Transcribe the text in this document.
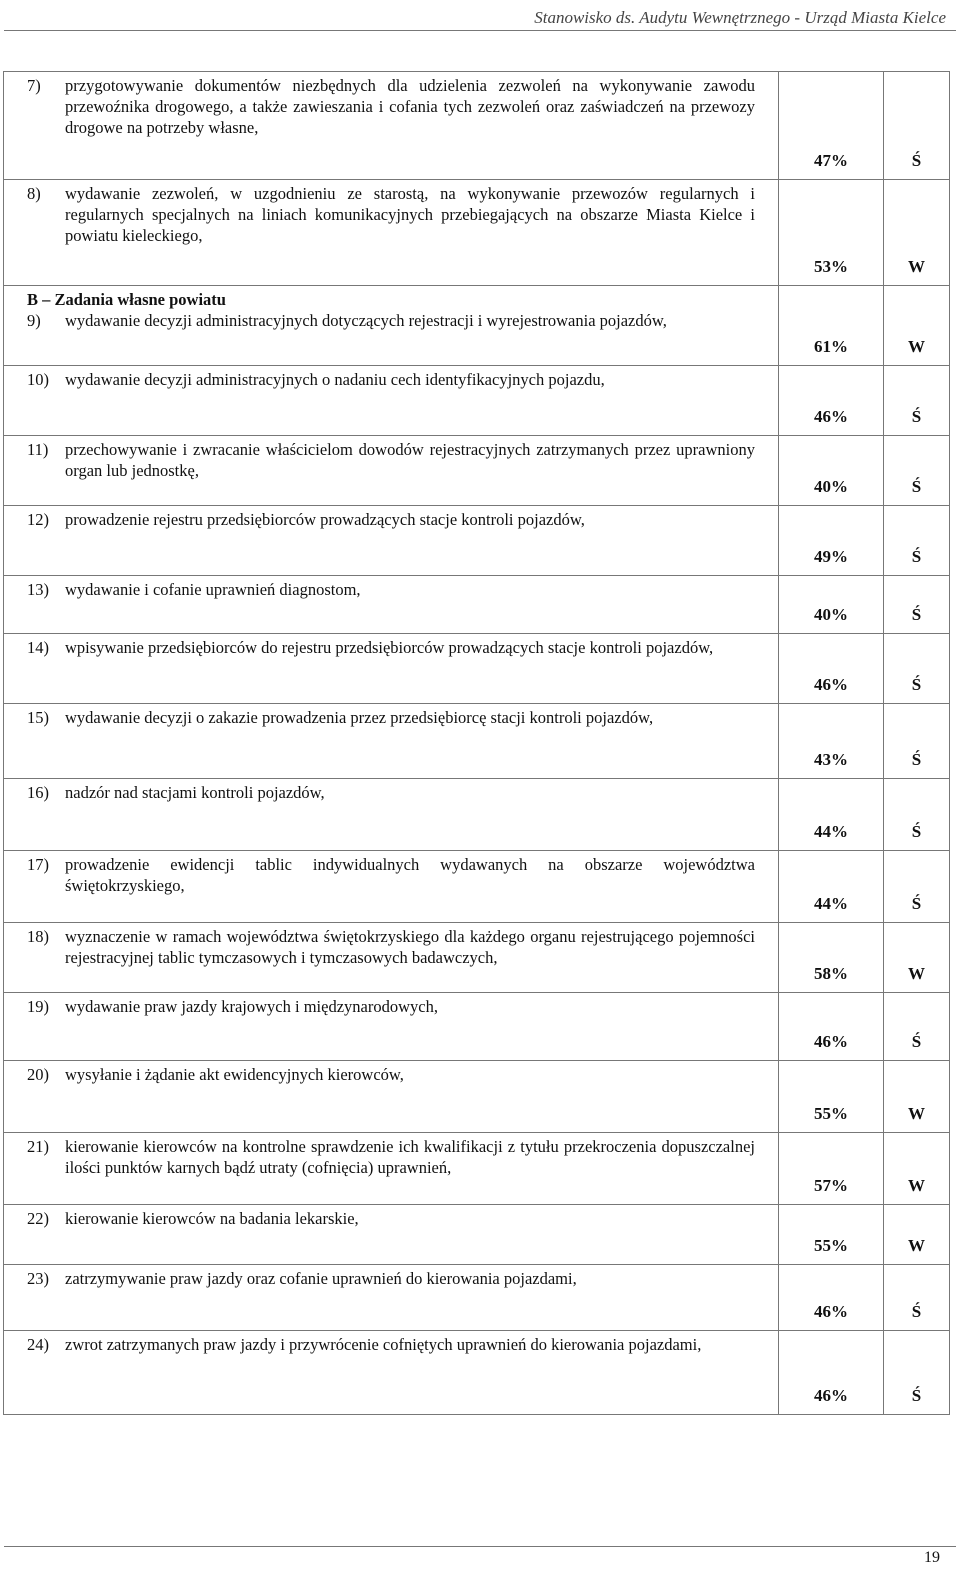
Stanowisko ds. Audytu Wewnętrznego - Urząd Miasta Kielce
7) przygotowywanie dokumentów niezbędnych dla udzielenia zezwoleń na wykonywanie zawodu przewoźnika drogowego, a także zawieszania i cofania tych zezwoleń oraz zaświadczeń na przewozy drogowe na potrzeby własne,	47%	Ś

8) wydawanie zezwoleń, w uzgodnieniu ze starostą, na wykonywanie przewozów regularnych i regularnych specjalnych na liniach komunikacyjnych przebiegających na obszarze Miasta Kielce i powiatu kieleckiego,	53%	W

B – Zadania własne powiatu
9) wydawanie decyzji administracyjnych dotyczących rejestracji i wyrejestrowania pojazdów,	61%	W

10) wydawanie decyzji administracyjnych o nadaniu cech identyfikacyjnych pojazdu,	46%	Ś

11) przechowywanie i zwracanie właścicielom dowodów rejestracyjnych zatrzymanych przez uprawniony organ lub jednostkę,	40%	Ś

12) prowadzenie rejestru przedsiębiorców prowadzących stacje kontroli pojazdów,	49%	Ś

13) wydawanie i cofanie uprawnień diagnostom,	40%	Ś

14) wpisywanie przedsiębiorców do rejestru przedsiębiorców prowadzących stacje kontroli pojazdów,	46%	Ś

15) wydawanie decyzji o zakazie prowadzenia przez przedsiębiorcę stacji kontroli pojazdów,	43%	Ś

16) nadzór nad stacjami kontroli pojazdów,	44%	Ś

17) prowadzenie ewidencji tablic indywidualnych wydawanych na obszarze województwa świętokrzyskiego,	44%	Ś

18) wyznaczenie w ramach województwa świętokrzyskiego dla każdego organu rejestrującego pojemności rejestracyjnej tablic tymczasowych i tymczasowych badawczych,	58%	W

19) wydawanie praw jazdy krajowych i międzynarodowych,	46%	Ś

20) wysyłanie i żądanie akt ewidencyjnych kierowców,	55%	W

21) kierowanie kierowców na kontrolne sprawdzenie ich kwalifikacji z tytułu przekroczenia dopuszczalnej ilości punktów karnych bądź utraty (cofnięcia) uprawnień,	57%	W

22) kierowanie kierowców na badania lekarskie,	55%	W

23) zatrzymywanie praw jazdy oraz cofanie uprawnień do kierowania pojazdami,	46%	Ś

24) zwrot zatrzymanych praw jazdy i przywrócenie cofniętych uprawnień do kierowania pojazdami,	46%	Ś
19
